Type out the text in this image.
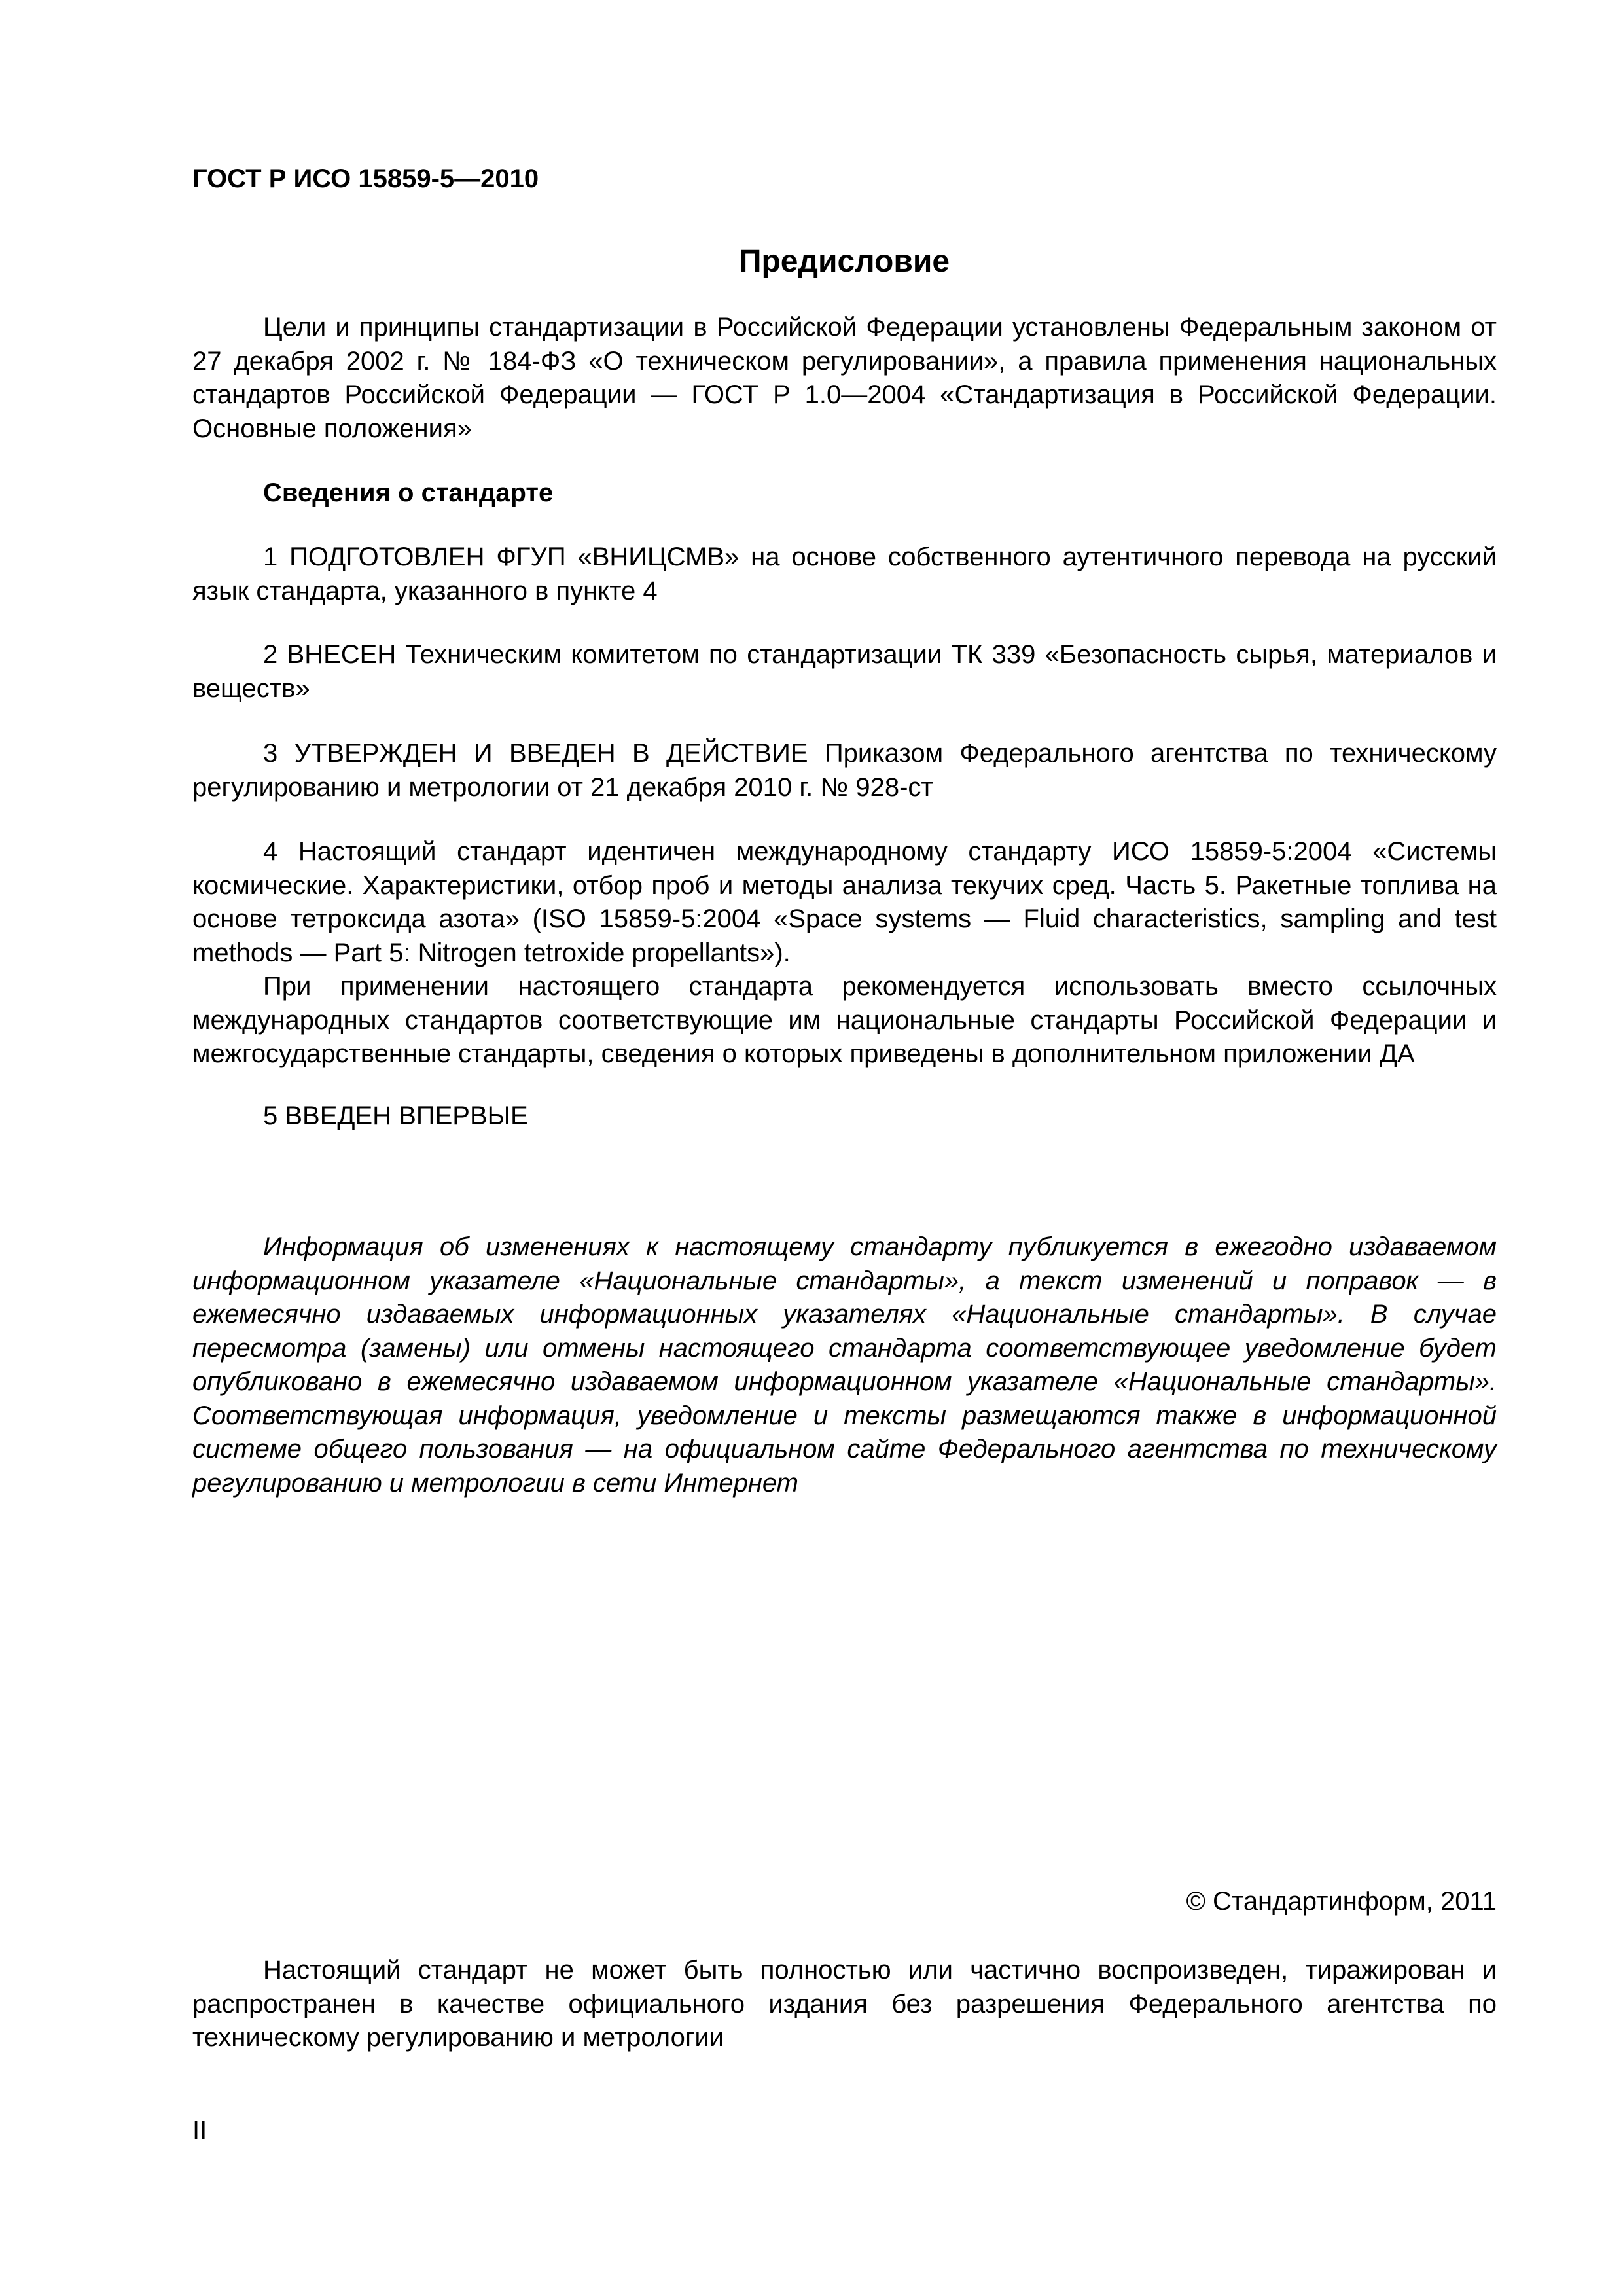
ГОСТ Р ИСО 15859-5—2010
Предисловие

Цели и принципы стандартизации в Российской Федерации установлены Федеральным законом от 27 декабря 2002 г. № 184-ФЗ «О техническом регулировании», а правила применения национальных стандартов Российской Федерации — ГОСТ Р 1.0—2004 «Стандартизация в Российской Федерации. Основные положения»

Сведения о стандарте

1 ПОДГОТОВЛЕН ФГУП «ВНИЦСМВ» на основе собственного аутентичного перевода на русский язык стандарта, указанного в пункте 4

2 ВНЕСЕН Техническим комитетом по стандартизации ТК 339 «Безопасность сырья, материалов и веществ»

3 УТВЕРЖДЕН И ВВЕДЕН В ДЕЙСТВИЕ Приказом Федерального агентства по техническому регулированию и метрологии от 21 декабря 2010 г. № 928-ст

4 Настоящий стандарт идентичен международному стандарту ИСО 15859-5:2004 «Системы космические. Характеристики, отбор проб и методы анализа текучих сред. Часть 5. Ракетные топлива на основе тетроксида азота» (ISO 15859-5:2004 «Space systems — Fluid characteristics, sampling and test methods — Part 5: Nitrogen tetroxide propellants»).

При применении настоящего стандарта рекомендуется использовать вместо ссылочных международных стандартов соответствующие им национальные стандарты Российской Федерации и межгосударственные стандарты, сведения о которых приведены в дополнительном приложении ДА

5 ВВЕДЕН ВПЕРВЫЕ

Информация об изменениях к настоящему стандарту публикуется в ежегодно издаваемом информационном указателе «Национальные стандарты», а текст изменений и поправок — в ежемесячно издаваемых информационных указателях «Национальные стандарты». В случае пересмотра (замены) или отмены настоящего стандарта соответствующее уведомление будет опубликовано в ежемесячно издаваемом информационном указателе «Национальные стандарты». Соответствующая информация, уведомление и тексты размещаются также в информационной системе общего пользования — на официальном сайте Федерального агентства по техническому регулированию и метрологии в сети Интернет

© Стандартинформ, 2011

Настоящий стандарт не может быть полностью или частично воспроизведен, тиражирован и распространен в качестве официального издания без разрешения Федерального агентства по техническому регулированию и метрологии

II
